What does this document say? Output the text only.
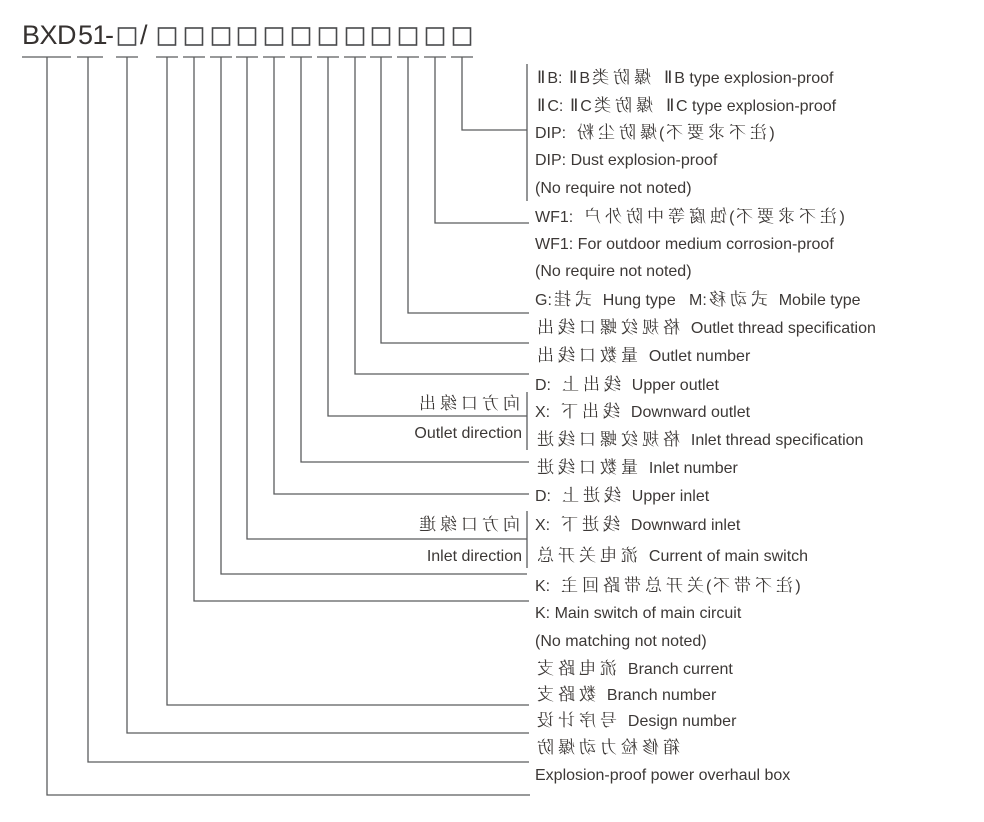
BXD 51
- /
Ⅱ B: Ⅱ B 类 防 爆 Ⅱ B type explosion-proof
Ⅱ C: Ⅱ C 类 防 爆 Ⅱ C type explosion-proof
DIP:  粉 尘 防 爆 ( 不 要 求 不 注 )
DIP: Dust explosion-proof
(No require not noted)
WF1:  户 外 防 中 等 腐 蚀 ( 不 要 求 不 注 )
WF1: For outdoor medium corrosion-proof
(No require not noted)
G: 挂 式  Hung type   M: 移 动 式  Mobile type
出 线 口 螺 纹 规 格  Outlet thread specification
出 线 口 数 量  Outlet number
D:  上 出 线  Upper outlet
X:  下 出 线  Downward outlet
进 线 口 螺 纹 规 格  Inlet thread specification
进 线 口 数 量  Inlet number
D:  上 进 线  Upper inlet
X:  下 进 线  Downward inlet
总 开 关 电 流  Current of main switch
K:  主 回 路 带 总 开 关 ( 不 带 不 注 )
K: Main switch of main circuit
(No matching not noted)
支 路 电 流  Branch current
支 路 数  Branch number
设 计 序 号  Design number
防 爆 动 力 检 修 箱
Explosion-proof power overhaul box
出 缐 口 方 向
Outlet direction
進 缐 口 方 向
Inlet direction
